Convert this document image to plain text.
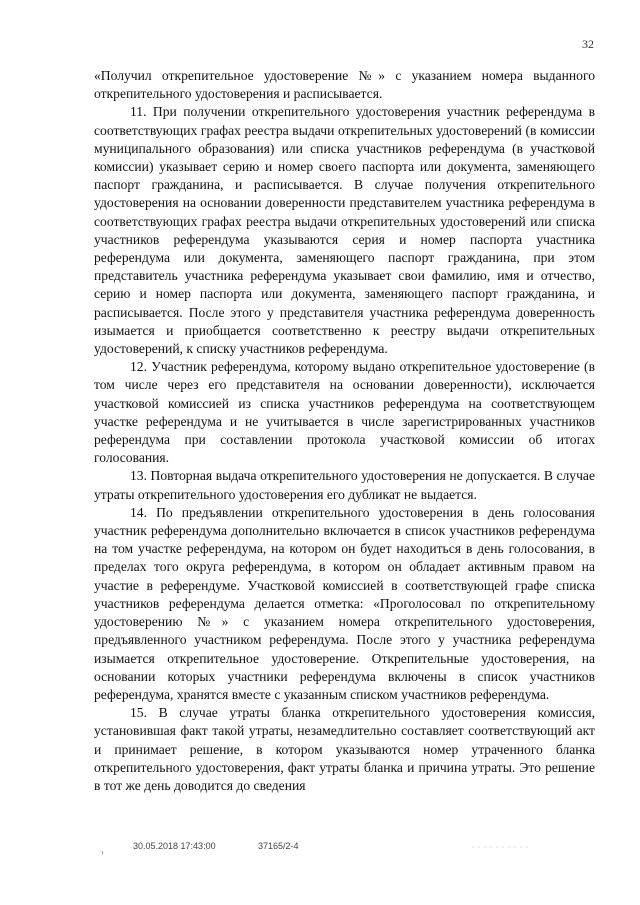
32

«Получил открепительное удостоверение №» с указанием номера выданного открепительного удостоверения и расписывается.

11. При получении открепительного удостоверения участник референдума в соответствующих графах реестра выдачи открепительных удостоверений (в комиссии муниципального образования) или списка участников референдума (в участковой комиссии) указывает серию и номер своего паспорта или документа, заменяющего паспорт гражданина, и расписывается. В случае получения открепительного удостоверения на основании доверенности представителем участника референдума в соответствующих графах реестра выдачи открепительных удостоверений или списка участников референдума указываются серия и номер паспорта участника референдума или документа, заменяющего паспорт гражданина, при этом представитель участника референдума указывает свои фамилию, имя и отчество, серию и номер паспорта или документа, заменяющего паспорт гражданина, и расписывается. После этого у представителя участника референдума доверенность изымается и приобщается соответственно к реестру выдачи открепительных удостоверений, к списку участников референдума.

12. Участник референдума, которому выдано открепительное удостоверение (в том числе через его представителя на основании доверенности), исключается участковой комиссией из списка участников референдума на соответствующем участке референдума и не учитывается в числе зарегистрированных участников референдума при составлении протокола участковой комиссии об итогах голосования.

13. Повторная выдача открепительного удостоверения не допускается. В случае утраты открепительного удостоверения его дубликат не выдается.

14. По предъявлении открепительного удостоверения в день голосования участник референдума дополнительно включается в список участников референдума на том участке референдума, на котором он будет находиться в день голосования, в пределах того округа референдума, в котором он обладает активным правом на участие в референдуме. Участковой комиссией в соответствующей графе списка участников референдума делается отметка: «Проголосовал по открепительному удостоверению №» с указанием номера открепительного удостоверения, предъявленного участником референдума. После этого у участника референдума изымается открепительное удостоверение. Открепительные удостоверения, на основании которых участники референдума включены в список участников референдума, хранятся вместе с указанным списком участников референдума.

15. В случае утраты бланка открепительного удостоверения комиссия, установившая факт такой утраты, незамедлительно составляет соответствующий акт и принимает решение, в котором указываются номер утраченного бланка открепительного удостоверения, факт утраты бланка и причина утраты. Это решение в тот же день доводится до сведения

30.05.2018 17:43:00	37165/2-4
